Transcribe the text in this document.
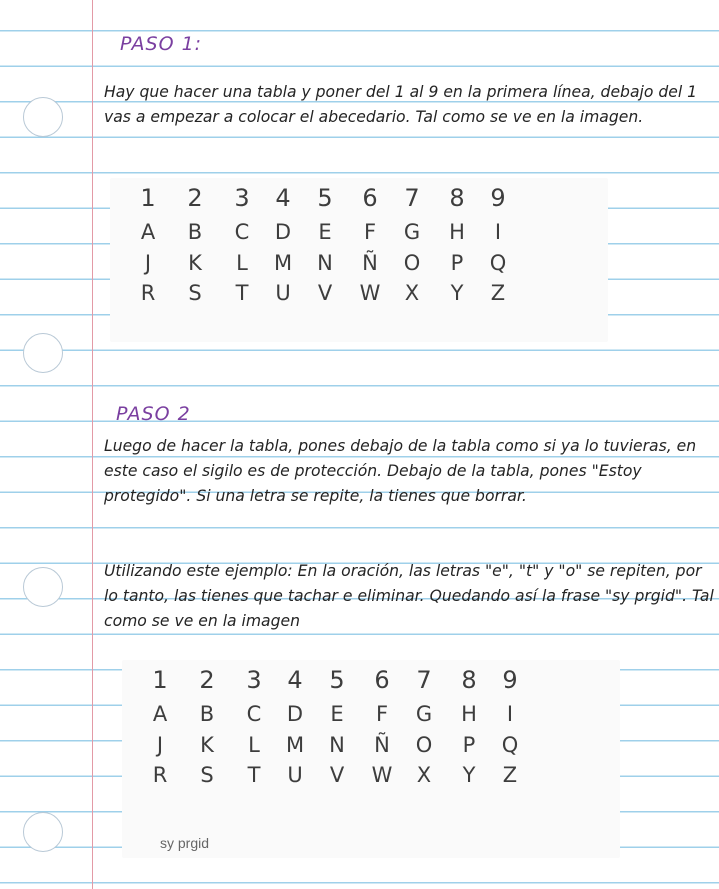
PASO 1:
Hay que hacer una tabla y poner del 1 al 9 en la primera línea, debajo del 1 vas a empezar a colocar el abecedario. Tal como se ve en la imagen.
1 2 3 4 5 6 7 8 9
A B C D E F G H I
J K L M N Ñ O P Q
R S T U V W X Y Z
PASO 2
Luego de hacer la tabla, pones debajo de la tabla como si ya lo tuvieras, en este caso el sigilo es de protección. Debajo de la tabla, pones "Estoy protegido". Si una letra se repite, la tienes que borrar.
Utilizando este ejemplo: En la oración, las letras "e", "t" y "o" se repiten, por lo tanto, las tienes que tachar e eliminar. Quedando así la frase "sy prgid". Tal como se ve en la imagen
1 2 3 4 5 6 7 8 9
A B C D E F G H I
J K L M N Ñ O P Q
R S T U V W X Y Z
sy prgid
